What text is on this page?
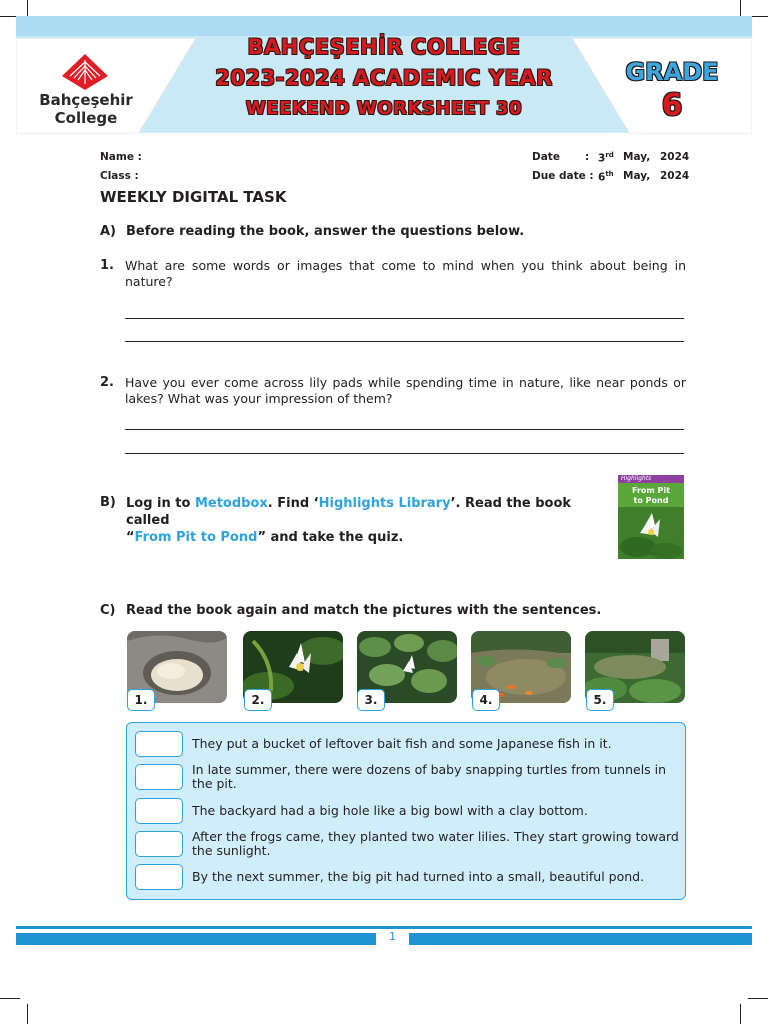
Bahçeşehir
College
BAHÇEŞEHİR COLLEGE
2023-2024 ACADEMIC YEAR
WEEKEND WORKSHEET 30
GRADE
6
Name :
Class :
Date : 3rd May, 2024
Due date : 6th May, 2024
WEEKLY DIGITAL TASK
A) Before reading the book, answer the questions below.
1. What are some words or images that come to mind when you think about being in nature?
2. Have you ever come across lily pads while spending time in nature, like near ponds or lakes? What was your impression of them?
B) Log in to Metodbox. Find ‘Highlights Library’. Read the book called
“From Pit to Pond” and take the quiz.
Highlights
From Pit
to Pond
C) Read the book again and match the pictures with the sentences.
1.	2.	3.	4.	5.
They put a bucket of leftover bait fish and some Japanese fish in it.
In late summer, there were dozens of baby snapping turtles from tunnels in the pit.
The backyard had a big hole like a big bowl with a clay bottom.
After the frogs came, they planted two water lilies. They start growing toward the sunlight.
By the next summer, the big pit had turned into a small, beautiful pond.
1
